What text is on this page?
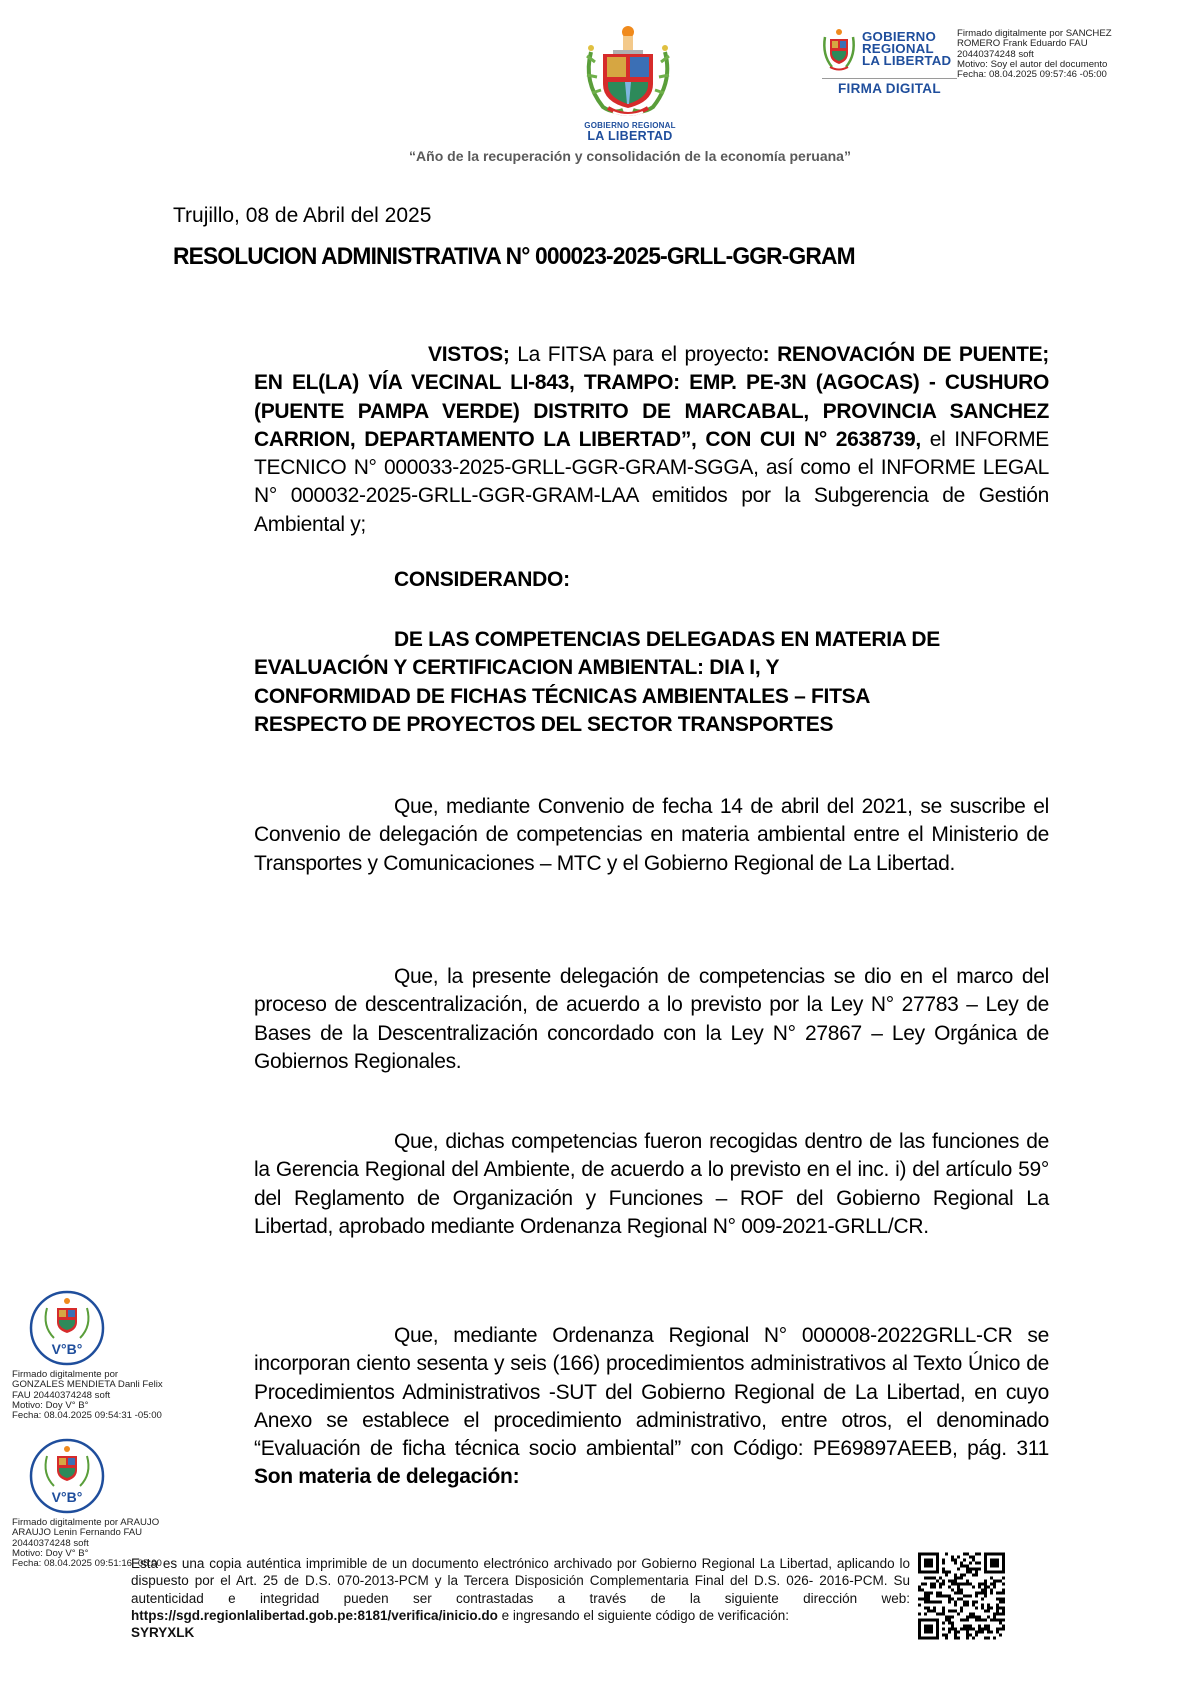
GOBIERNO REGIONAL
LA LIBERTAD
“Año de la recuperación y consolidación de la economía peruana”
GOBIERNO
REGIONAL
LA LIBERTAD
FIRMA DIGITAL
Firmado digitalmente por SANCHEZ
ROMERO Frank Eduardo FAU
20440374248 soft
Motivo: Soy el autor del documento
Fecha: 08.04.2025 09:57:46 -05:00
Trujillo, 08 de Abril del 2025
RESOLUCION ADMINISTRATIVA N° 000023-2025-GRLL-GGR-GRAM

VISTOS; La FITSA para el proyecto: RENOVACIÓN DE PUENTE; EN EL(LA) VÍA VECINAL LI-843, TRAMPO: EMP. PE-3N (AGOCAS) - CUSHURO (PUENTE PAMPA VERDE) DISTRITO DE MARCABAL, PROVINCIA SANCHEZ CARRION, DEPARTAMENTO LA LIBERTAD”, CON CUI N° 2638739, el INFORME TECNICO N° 000033-2025-GRLL-GGR-GRAM-SGGA, así como el INFORME LEGAL N° 000032-2025-GRLL-GGR-GRAM-LAA emitidos por la Subgerencia de Gestión Ambiental y;

CONSIDERANDO:

DE LAS COMPETENCIAS DELEGADAS EN MATERIA DE
EVALUACIÓN Y CERTIFICACION AMBIENTAL: DIA I, Y
CONFORMIDAD DE FICHAS TÉCNICAS AMBIENTALES – FITSA
RESPECTO DE PROYECTOS DEL SECTOR TRANSPORTES

Que, mediante Convenio de fecha 14 de abril del 2021, se suscribe el Convenio de delegación de competencias en materia ambiental entre el Ministerio de Transportes y Comunicaciones – MTC y el Gobierno Regional de La Libertad.

Que, la presente delegación de competencias se dio en el marco del proceso de descentralización, de acuerdo a lo previsto por la Ley N° 27783 – Ley de Bases de la Descentralización concordado con la Ley N° 27867 – Ley Orgánica de Gobiernos Regionales.

Que, dichas competencias fueron recogidas dentro de las funciones de la Gerencia Regional del Ambiente, de acuerdo a lo previsto en el inc. i) del artículo 59° del Reglamento de Organización y Funciones – ROF del Gobierno Regional La Libertad, aprobado mediante Ordenanza Regional N° 009-2021-GRLL/CR.

Que, mediante Ordenanza Regional N° 000008-2022GRLL-CR se incorporan ciento sesenta y seis (166) procedimientos administrativos al Texto Único de Procedimientos Administrativos -SUT del Gobierno Regional de La Libertad, en cuyo Anexo se establece el procedimiento administrativo, entre otros, el denominado “Evaluación de ficha técnica socio ambiental” con Código: PE69897AEEB, pág. 311 Son materia de delegación:

V°B°
Firmado digitalmente por
GONZALES MENDIETA Danli Felix
FAU 20440374248 soft
Motivo: Doy V° B°
Fecha: 08.04.2025 09:54:31 -05:00
V°B°
Firmado digitalmente por ARAUJO
ARAUJO Lenin Fernando FAU
20440374248 soft
Motivo: Doy V° B°
Fecha: 08.04.2025 09:51:16 -05:00

Esta es una copia auténtica imprimible de un documento electrónico archivado por Gobierno Regional La Libertad, aplicando lo dispuesto por el Art. 25 de D.S. 070-2013-PCM y la Tercera Disposición Complementaria Final del D.S. 026- 2016-PCM. Su autenticidad e integridad pueden ser contrastadas a través de la siguiente dirección web: https://sgd.regionlalibertad.gob.pe:8181/verifica/inicio.do e ingresando el siguiente código de verificación:
SYRYXLK
